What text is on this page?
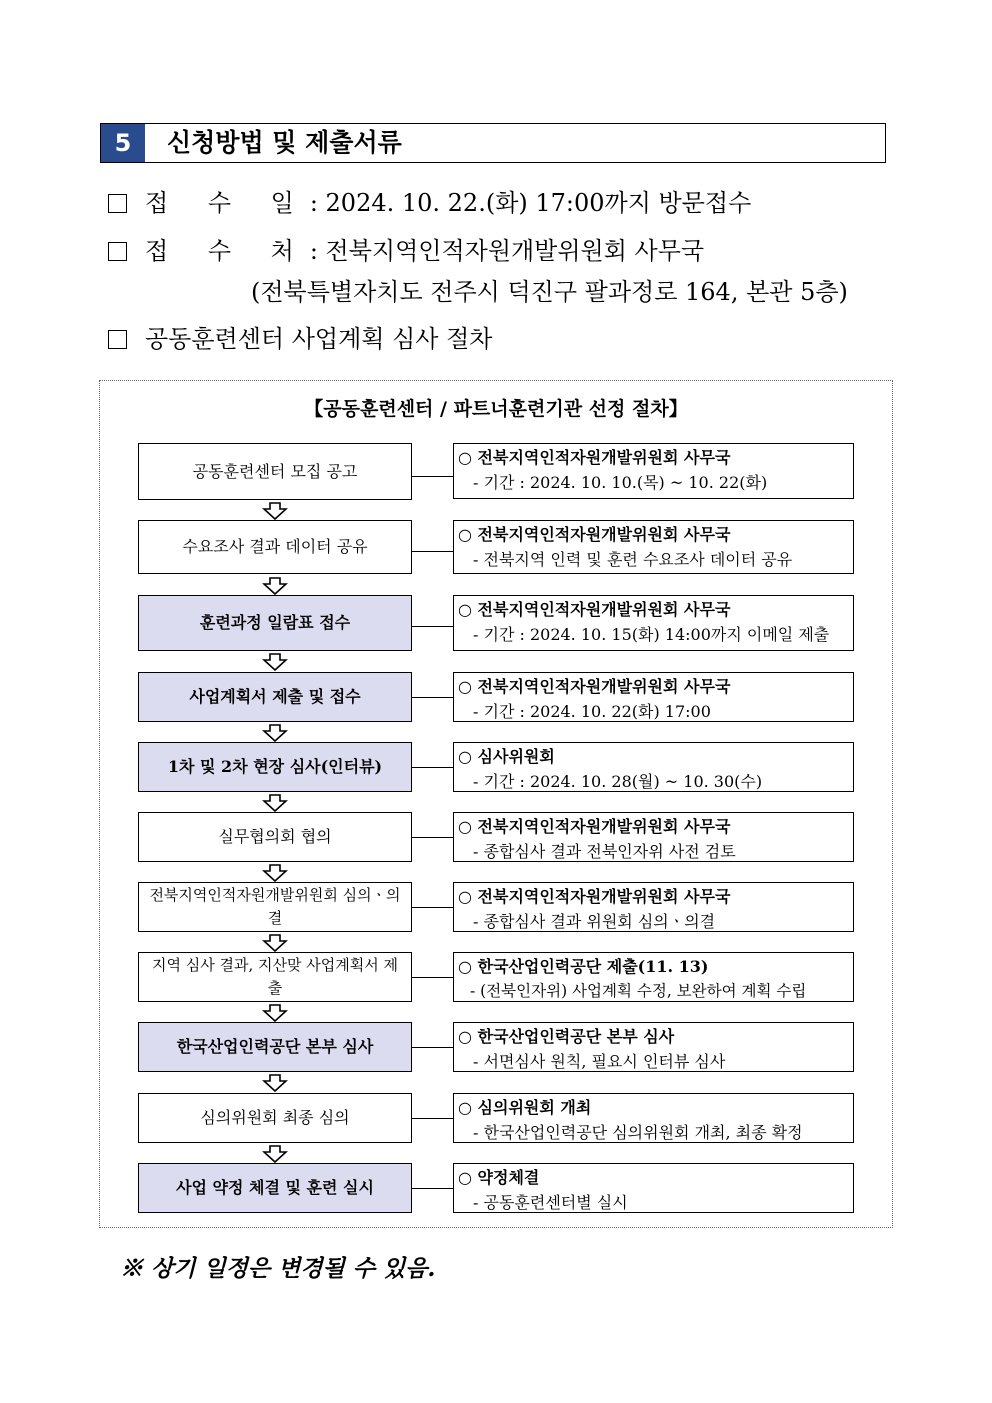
5	신청방법 및 제출서류
접 수 일: 2024. 10. 22.(화) 17:00까지 방문접수
접 수 처: 전북지역인적자원개발위원회 사무국
(전북특별자치도 전주시 덕진구 팔과정로 164, 본관 5층)
공동훈련센터 사업계획 심사 절차
【공동훈련센터 / 파트너훈련기관 선정 절차】
공동훈련센터 모집 공고
○ 전북지역인적자원개발위원회 사무국
- 기간 : 2024. 10. 10.(목) ~ 10. 22(화)
수요조사 결과 데이터 공유
○ 전북지역인적자원개발위원회 사무국
- 전북지역 인력 및 훈련 수요조사 데이터 공유
훈련과정 일람표 접수
○ 전북지역인적자원개발위원회 사무국
- 기간 : 2024. 10. 15(화) 14:00까지 이메일 제출
사업계획서 제출 및 접수
○ 전북지역인적자원개발위원회 사무국
- 기간 : 2024. 10. 22(화) 17:00
1차 및 2차 현장 심사(인터뷰)
○ 심사위원회
- 기간 : 2024. 10. 28(월) ~ 10. 30(수)
실무협의회 협의
○ 전북지역인적자원개발위원회 사무국
- 종합심사 결과 전북인자위 사전 검토
전북지역인적자원개발위원회 심의ㆍ의결
○ 전북지역인적자원개발위원회 사무국
- 종합심사 결과 위원회 심의ㆍ의결
지역 심사 결과, 지산맞 사업계획서 제출
○ 한국산업인력공단 제출(11. 13)
- (전북인자위) 사업계획 수정, 보완하여 계획 수립
한국산업인력공단 본부 심사
○ 한국산업인력공단 본부 심사
- 서면심사 원칙, 필요시 인터뷰 심사
심의위원회 최종 심의
○ 심의위원회 개최
- 한국산업인력공단 심의위원회 개최, 최종 확정
사업 약정 체결 및 훈련 실시
○ 약정체결
- 공동훈련센터별 실시
※ 상기 일정은 변경될 수 있음.
